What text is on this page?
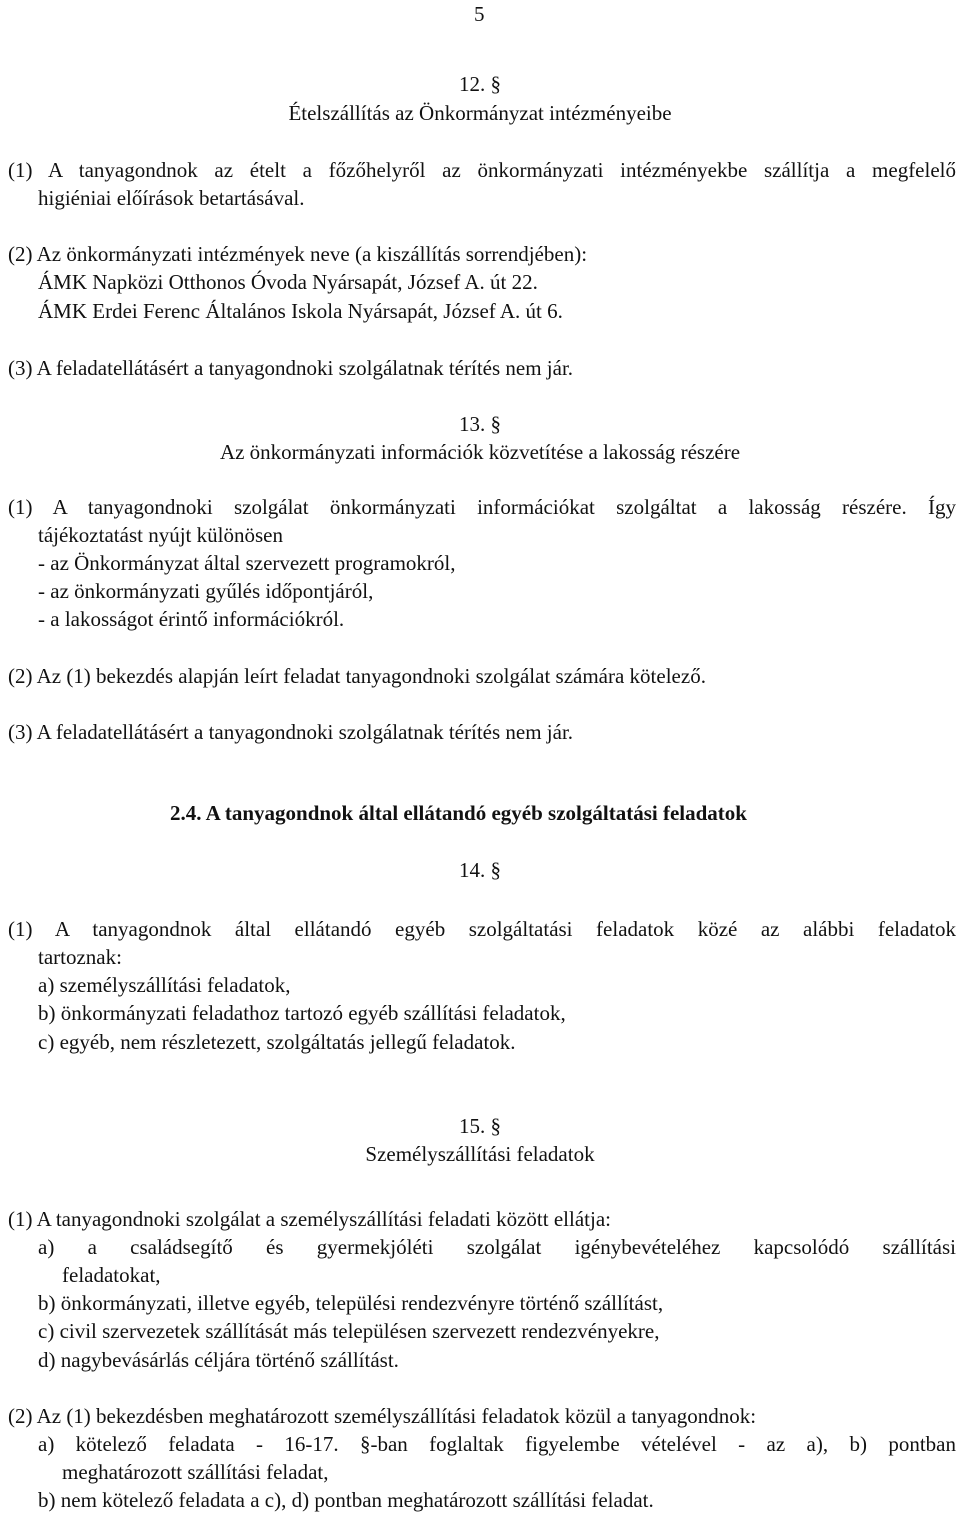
5
12. §
Ételszállítás az Önkormányzat intézményeibe
(1) A tanyagondnok az ételt a főzőhelyről az önkormányzati intézményekbe szállítja a megfelelő
higiéniai előírások betartásával.
(2) Az önkormányzati intézmények neve (a kiszállítás sorrendjében):
ÁMK Napközi Otthonos Óvoda Nyársapát, József A. út 22.
ÁMK Erdei Ferenc Általános Iskola Nyársapát, József A. út 6.
(3) A feladatellátásért a tanyagondnoki szolgálatnak térítés nem jár.
13. §
Az önkormányzati információk közvetítése a lakosság részére
(1) A tanyagondnoki szolgálat önkormányzati információkat szolgáltat a lakosság részére. Így
tájékoztatást nyújt különösen
- az Önkormányzat által szervezett programokról,
- az önkormányzati gyűlés időpontjáról,
- a lakosságot érintő információkról.
(2) Az (1) bekezdés alapján leírt feladat tanyagondnoki szolgálat számára kötelező.
(3) A feladatellátásért a tanyagondnoki szolgálatnak térítés nem jár.
2.4. A tanyagondnok által ellátandó egyéb szolgáltatási feladatok
14. §
(1) A tanyagondnok által ellátandó egyéb szolgáltatási feladatok közé az alábbi feladatok
tartoznak:
a) személyszállítási feladatok,
b) önkormányzati feladathoz tartozó egyéb szállítási feladatok,
c) egyéb, nem részletezett, szolgáltatás jellegű feladatok.
15. §
Személyszállítási feladatok
(1) A tanyagondnoki szolgálat a személyszállítási feladati között ellátja:
a) a családsegítő és gyermekjóléti szolgálat igénybevételéhez kapcsolódó szállítási
feladatokat,
b) önkormányzati, illetve egyéb, települési rendezvényre történő szállítást,
c) civil szervezetek szállítását más településen szervezett rendezvényekre,
d) nagybevásárlás céljára történő szállítást.
(2) Az (1) bekezdésben meghatározott személyszállítási feladatok közül a tanyagondnok:
a) kötelező feladata - 16-17. §-ban foglaltak figyelembe vételével - az a), b) pontban
meghatározott szállítási feladat,
b) nem kötelező feladata a c), d) pontban meghatározott szállítási feladat.
